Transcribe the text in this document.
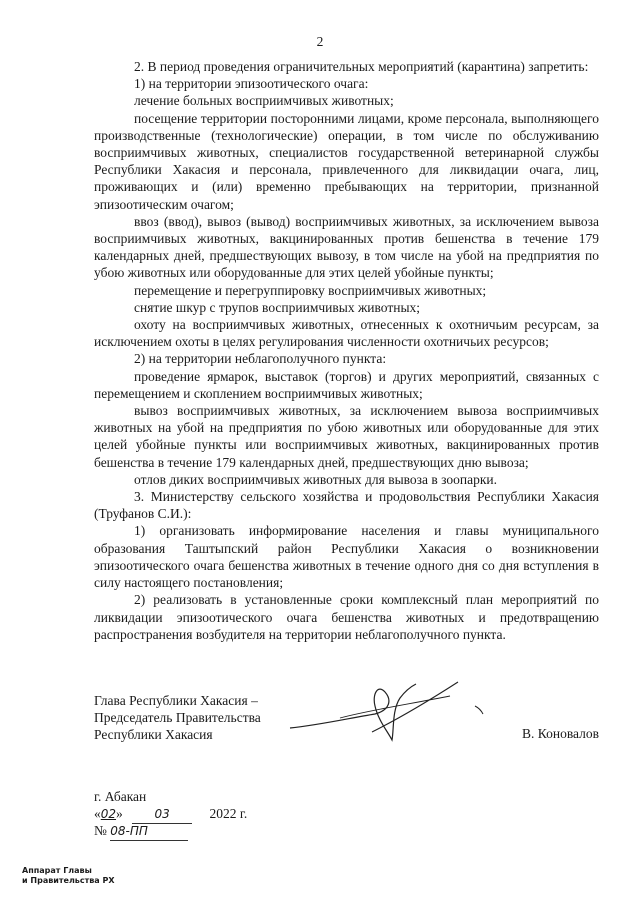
2

2. В период проведения ограничительных мероприятий (карантина) запретить:

1) на территории эпизоотического очага:

лечение больных восприимчивых животных;

посещение территории посторонними лицами, кроме персонала, выполняющего производственные (технологические) операции, в том числе по обслуживанию восприимчивых животных, специалистов государственной ветеринарной службы Республики Хакасия и персонала, привлеченного для ликвидации очага, лиц, проживающих и (или) временно пребывающих на территории, признанной эпизоотическим очагом;

ввоз (ввод), вывоз (вывод) восприимчивых животных, за исключением вывоза восприимчивых животных, вакцинированных против бешенства в течение 179 календарных дней, предшествующих вывозу, в том числе на убой на предприятия по убою животных или оборудованные для этих целей убойные пункты;

перемещение и перегруппировку восприимчивых животных;

снятие шкур с трупов восприимчивых животных;

охоту на восприимчивых животных, отнесенных к охотничьим ресурсам, за исключением охоты в целях регулирования численности охотничьих ресурсов;

2) на территории неблагополучного пункта:

проведение ярмарок, выставок (торгов) и других мероприятий, связанных с перемещением и скоплением восприимчивых животных;

вывоз восприимчивых животных, за исключением вывоза восприимчивых животных на убой на предприятия по убою животных или оборудованные для этих целей убойные пункты или восприимчивых животных, вакцинированных против бешенства в течение 179 календарных дней, предшествующих дню вывоза;

отлов диких восприимчивых животных для вывоза в зоопарки.

3. Министерству сельского хозяйства и продовольствия Республики Хакасия (Труфанов С.И.):

1) организовать информирование населения и главы муниципального образования Таштыпский район Республики Хакасия о возникновении эпизоотического очага бешенства животных в течение одного дня со дня вступления в силу настоящего постановления;

2) реализовать в установленные сроки комплексный план мероприятий по ликвидации эпизоотического очага бешенства животных и предотвращению распространения возбудителя на территории неблагополучного пункта.

Глава Республики Хакасия –
Председатель Правительства
Республики Хакасия	В. Коновалов
г. Абакан
«02»	03	2022 г.
№ 08-ПП
Аппарат Главы
и Правительства РХ
